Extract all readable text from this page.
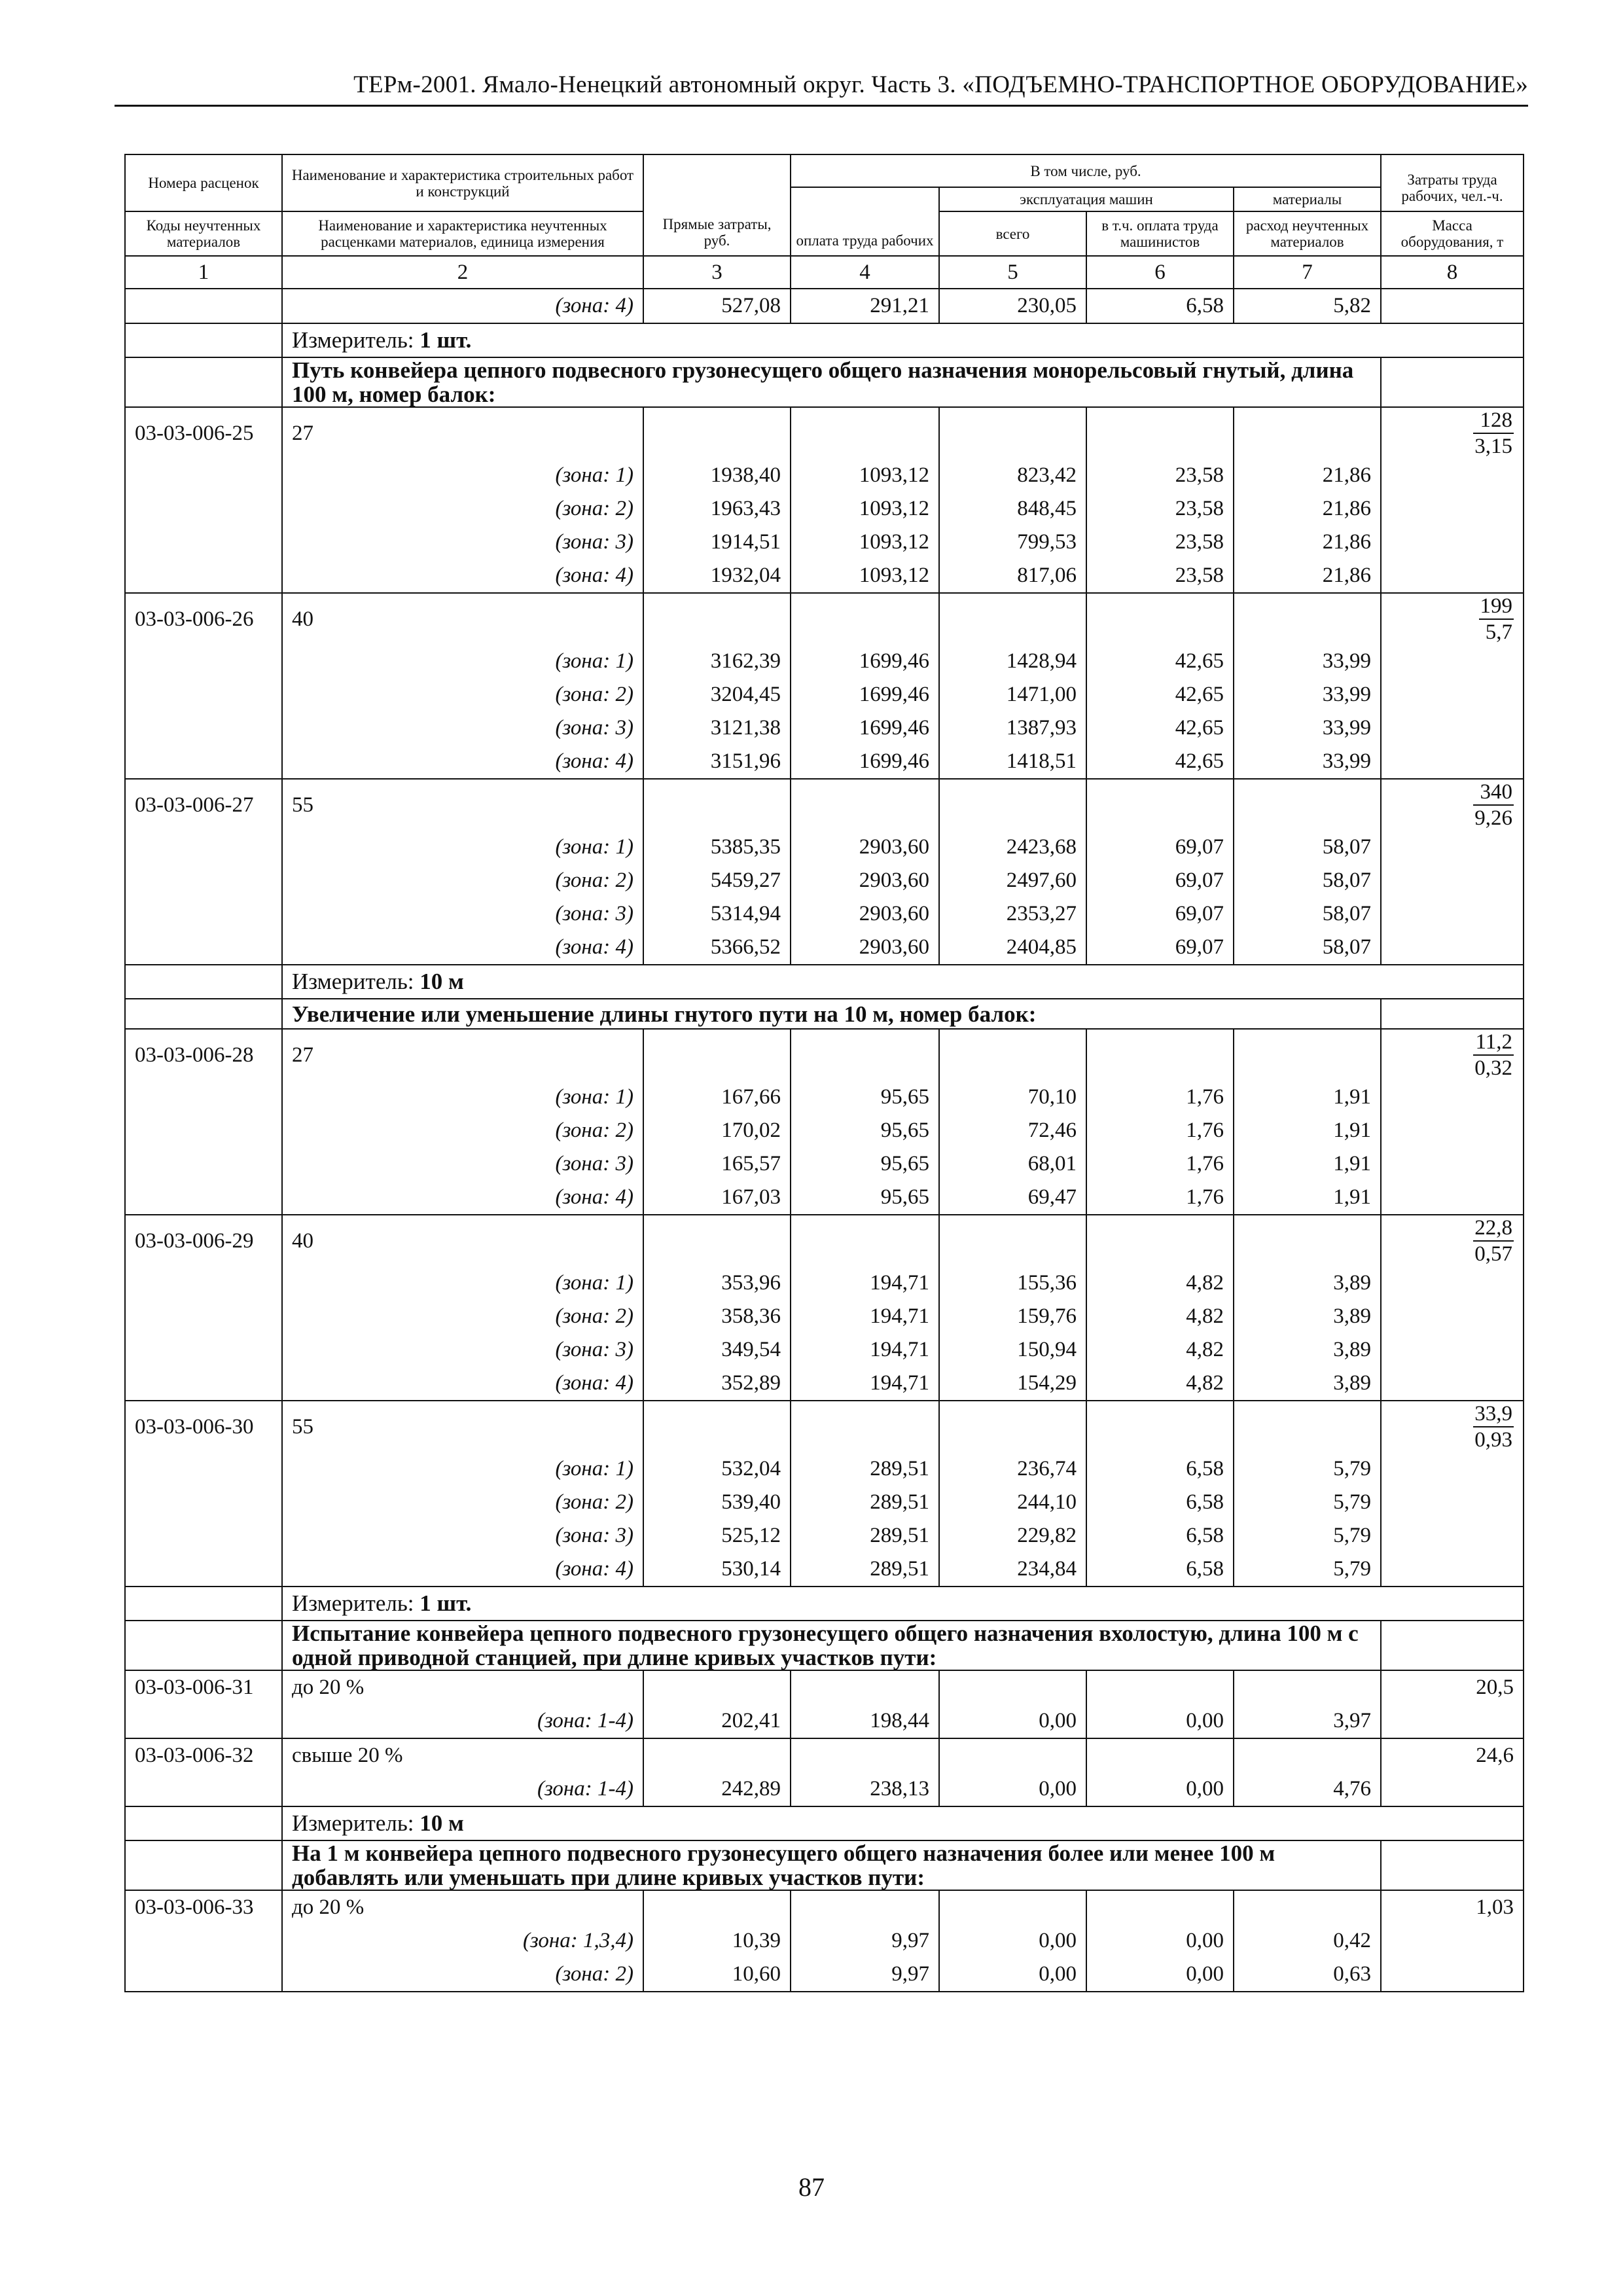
ТЕРм-2001. Ямало-Ненецкий автономный округ. Часть 3. «ПОДЪЕМНО-ТРАНСПОРТНОЕ ОБОРУДОВАНИЕ»
Номера расценок	Наименование и характеристика строительных работ и конструкций	Прямые затраты, руб.	В том числе, руб.				Затраты труда рабочих, чел.-ч.
			оплата труда рабочих	эксплуатация машин		материалы	
				всего	в т.ч. оплата труда машинистов		
Коды неучтенных материалов	Наименование и характеристика неучтенных расценками материалов, единица измерения					расход неучтенных материалов	Масса оборудования, т

1	2	3	4	5	6	7	8
	(зона: 4)	527,08	291,21	230,05	6,58	5,82	
	Измеритель: 1 шт.						
	Путь конвейера цепного подвесного грузонесущего общего назначения монорельсовый гнутый, длина 100 м, номер балок:						
03-03-006-25	27						$\frac{128}{3,15}$

	(зона: 1)	1938,40	1093,12	823,42	23,58	21,86	
	(зона: 2)	1963,43	1093,12	848,45	23,58	21,86	
	(зона: 3)	1914,51	1093,12	799,53	23,58	21,86	
	(зона: 4)	1932,04	1093,12	817,06	23,58	21,86	
03-03-006-26	40						$\frac{199}{5,7}$

	(зона: 1)	3162,39	1699,46	1428,94	42,65	33,99	
	(зона: 2)	3204,45	1699,46	1471,00	42,65	33,99	
	(зона: 3)	3121,38	1699,46	1387,93	42,65	33,99	
	(зона: 4)	3151,96	1699,46	1418,51	42,65	33,99	
03-03-006-27	55						$\frac{340}{9,26}$

	(зона: 1)	5385,35	2903,60	2423,68	69,07	58,07	
	(зона: 2)	5459,27	2903,60	2497,60	69,07	58,07	
	(зона: 3)	5314,94	2903,60	2353,27	69,07	58,07	
	(зона: 4)	5366,52	2903,60	2404,85	69,07	58,07	
	Измеритель: 10 м						
	Увеличение или уменьшение длины гнутого пути на 10 м, номер балок:						
03-03-006-28	27						$\frac{11,2}{0,32}$

	(зона: 1)	167,66	95,65	70,10	1,76	1,91	
	(зона: 2)	170,02	95,65	72,46	1,76	1,91	
	(зона: 3)	165,57	95,65	68,01	1,76	1,91	
	(зона: 4)	167,03	95,65	69,47	1,76	1,91	
03-03-006-29	40						$\frac{22,8}{0,57}$

	(зона: 1)	353,96	194,71	155,36	4,82	3,89	
	(зона: 2)	358,36	194,71	159,76	4,82	3,89	
	(зона: 3)	349,54	194,71	150,94	4,82	3,89	
	(зона: 4)	352,89	194,71	154,29	4,82	3,89	
03-03-006-30	55						$\frac{33,9}{0,93}$

	(зона: 1)	532,04	289,51	236,74	6,58	5,79	
	(зона: 2)	539,40	289,51	244,10	6,58	5,79	
	(зона: 3)	525,12	289,51	229,82	6,58	5,79	
	(зона: 4)	530,14	289,51	234,84	6,58	5,79	
	Измеритель: 1 шт.						
	Испытание конвейера цепного подвесного грузонесущего общего назначения вхолостую, длина 100 м с одной приводной станцией, при длине кривых участков пути:						
03-03-006-31	до 20 %						20,5
	(зона: 1-4)	202,41	198,44	0,00	0,00	3,97	
03-03-006-32	свыше 20 %						24,6
	(зона: 1-4)	242,89	238,13	0,00	0,00	4,76	
	Измеритель: 10 м						
	На 1 м конвейера цепного подвесного грузонесущего общего назначения более или менее 100 м добавлять или уменьшать при длине кривых участков пути:						
03-03-006-33	до 20 %						1,03
	(зона: 1,3,4)	10,39	9,97	0,00	0,00	0,42	
	(зона: 2)	10,60	9,97	0,00	0,00	0,63	
87
